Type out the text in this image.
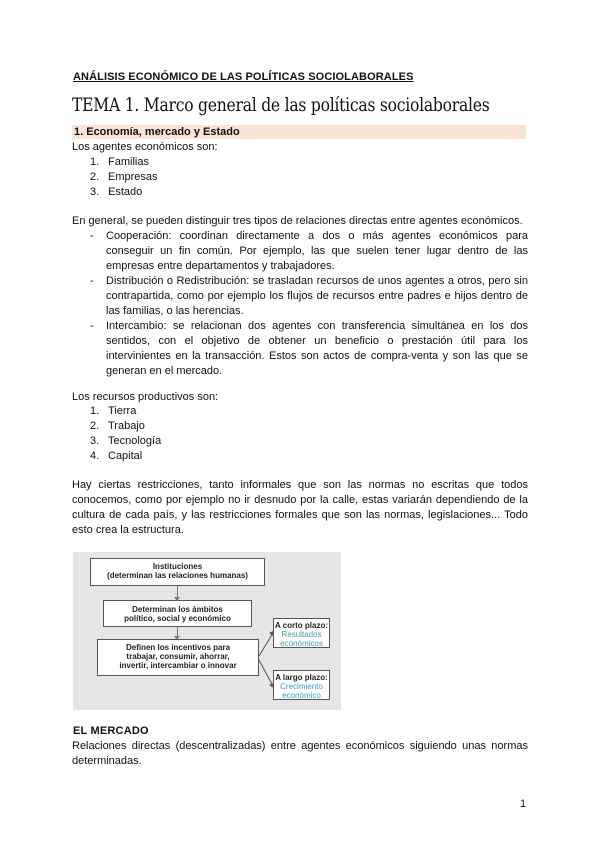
ANÁLISIS ECONÓMICO DE LAS POLÍTICAS SOCIOLABORALES
TEMA 1. Marco general de las políticas sociolaborales
1. Economía, mercado y Estado

Los agentes económicos son:

1. Familias
2. Empresas
3. Estado

En general, se pueden distinguir tres tipos de relaciones directas entre agentes económicos.

- Cooperación: coordinan directamente a dos o más agentes económicos para conseguir un fin común. Por ejemplo, las que suelen tener lugar dentro de las empresas entre departamentos y trabajadores.
- Distribución o Redistribución: se trasladan recursos de unos agentes a otros, pero sin contrapartida, como por ejemplo los flujos de recursos entre padres e hijos dentro de las familias, o las herencias.
- Intercambio: se relacionan dos agentes con transferencia simultánea en los dos sentidos, con el objetivo de obtener un beneficio o prestación útil para los intervinientes en la transacción. Estos son actos de compra-venta y son las que se generan en el mercado.

Los recursos productivos son:

1. Tierra
2. Trabajo
3. Tecnología
4. Capital

Hay ciertas restricciones, tanto informales que son las normas no escritas que todos conocemos, como por ejemplo no ir desnudo por la calle, estas variarán dependiendo de la cultura de cada país, y las restricciones formales que son las normas, legislaciones... Todo esto crea la estructura.

Instituciones
(determinan las relaciones humanas)
Determinan los ámbitos
político, social y económico
Definen los incentivos para
trabajar, consumir, ahorrar,
invertir, intercambiar o innovar
A corto plazo:
Resultados
económicos
A largo plazo:
Crecimiento
económico
EL MERCADO

Relaciones directas (descentralizadas) entre agentes económicos siguiendo unas normas determinadas.

1
